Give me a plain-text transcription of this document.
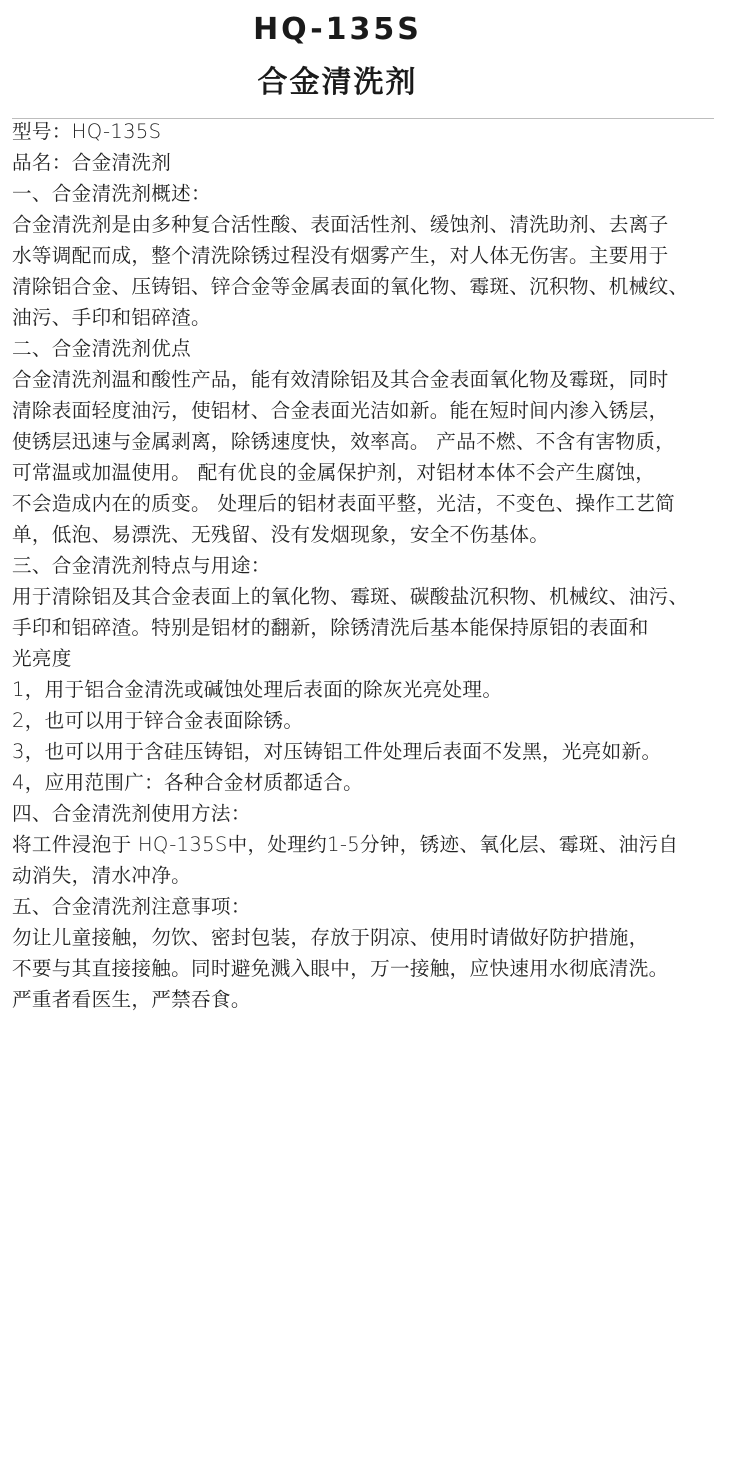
HQ-135S
合金清洗剂
型号：HQ-135S
品名：合金清洗剂
一、合金清洗剂概述：
合金清洗剂是由多种复合活性酸、表面活性剂、缓蚀剂、清洗助剂、去离子
水等调配而成，整个清洗除锈过程没有烟雾产生，对人体无伤害。主要用于
清除铝合金、压铸铝、锌合金等金属表面的氧化物、霉斑、沉积物、机械纹、
油污、手印和铝碎渣。
二、合金清洗剂优点
合金清洗剂温和酸性产品，能有效清除铝及其合金表面氧化物及霉斑，同时
清除表面轻度油污，使铝材、合金表面光洁如新。能在短时间内渗入锈层，
使锈层迅速与金属剥离，除锈速度快，效率高。 产品不燃、不含有害物质，
可常温或加温使用。 配有优良的金属保护剂，对铝材本体不会产生腐蚀，
不会造成内在的质变。 处理后的铝材表面平整，光洁，不变色、操作工艺简
单，低泡、易漂洗、无残留、没有发烟现象，安全不伤基体。
三、合金清洗剂特点与用途：
用于清除铝及其合金表面上的氧化物、霉斑、碳酸盐沉积物、机械纹、油污、
手印和铝碎渣。特别是铝材的翻新，除锈清洗后基本能保持原铝的表面和
光亮度
1，用于铝合金清洗或碱蚀处理后表面的除灰光亮处理。
2，也可以用于锌合金表面除锈。
3，也可以用于含硅压铸铝，对压铸铝工件处理后表面不发黑，光亮如新。
4，应用范围广：各种合金材质都适合。
四、合金清洗剂使用方法：
将工件浸泡于 HQ-135S中，处理约1-5分钟，锈迹、氧化层、霉斑、油污自
动消失，清水冲净。
五、合金清洗剂注意事项：
勿让儿童接触，勿饮、密封包装，存放于阴凉、使用时请做好防护措施，
不要与其直接接触。同时避免溅入眼中，万一接触，应快速用水彻底清洗。
严重者看医生，严禁吞食。
